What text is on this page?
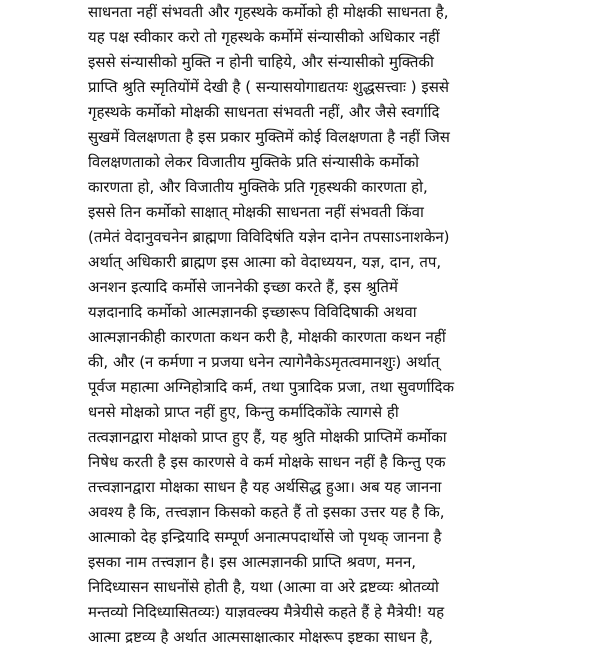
साधनता नहीं संभवती और गृहस्थके कर्मोको ही मोक्षकी साधनता है,
यह पक्ष स्वीकार करो तो गृहस्थके कर्मोमें संन्यासीको अधिकार नहीं
इससे संन्यासीको मुक्ति न होनी चाहिये, और संन्यासीको मुक्तिकी
प्राप्ति श्रुति स्मृतियोंमें देखी है ( सन्यासयोगाद्यतयः शुद्धसत्त्वाः ) इससे
गृहस्थके कर्मोको मोक्षकी साधनता संभवती नहीं, और जैसे स्वर्गादि
सुखमें विलक्षणता है इस प्रकार मुक्तिमें कोई विलक्षणता है नहीं जिस
विलक्षणताको लेकर विजातीय मुक्तिके प्रति संन्यासीके कर्मोको
कारणता हो, और विजातीय मुक्तिके प्रति गृहस्थकी कारणता हो,
इससे तिन कर्मोको साक्षात् मोक्षकी साधनता नहीं संभवती किंवा
(तमेतं वेदानुवचनेन ब्राह्मणा विविदिषंति यज्ञेन दानेन तपसाऽनाशकेन)
अर्थात् अधिकारी ब्राह्मण इस आत्मा को वेदाध्ययन, यज्ञ, दान, तप,
अनशन इत्यादि कर्मोसे जाननेकी इच्छा करते हैं, इस श्रुतिमें
यज्ञदानादि कर्मोको आत्मज्ञानकी इच्छारूप विविदिषाकी अथवा
आत्मज्ञानकीही कारणता कथन करी है, मोक्षकी कारणता कथन नहीं
की, और (न कर्मणा न प्रजया धनेन त्यागेनैकेऽमृतत्वमानशुः) अर्थात्
पूर्वज महात्मा अग्निहोत्रादि कर्म, तथा पुत्रादिक प्रजा, तथा सुवर्णादिक
धनसे मोक्षको प्राप्त नहीं हुए, किन्तु कर्मादिकोंके त्यागसे ही
तत्वज्ञानद्वारा मोक्षको प्राप्त हुए हैं, यह श्रुति मोक्षकी प्राप्तिमें कर्मोका
निषेध करती है इस कारणसे वे कर्म मोक्षके साधन नहीं है किन्तु एक
तत्त्वज्ञानद्वारा मोक्षका साधन है यह अर्थसिद्ध हुआ। अब यह जानना
अवश्य है कि, तत्त्वज्ञान किसको कहते हैं तो इसका उत्तर यह है कि,
आत्माको देह इन्द्रियादि सम्पूर्ण अनात्मपदार्थोसे जो पृथक् जानना है
इसका नाम तत्त्वज्ञान है। इस आत्मज्ञानकी प्राप्ति श्रवण, मनन,
निदिध्यासन साधनोंसे होती है, यथा (आत्मा वा अरे द्रष्टव्यः श्रोतव्यो
मन्तव्यो निदिध्यासितव्यः) याज्ञवल्क्य मैत्रेयीसे कहते हैं हे मैत्रेयी! यह
आत्मा द्रष्टव्य है अर्थात आत्मसाक्षात्कार मोक्षरूप इष्टका साधन है,
